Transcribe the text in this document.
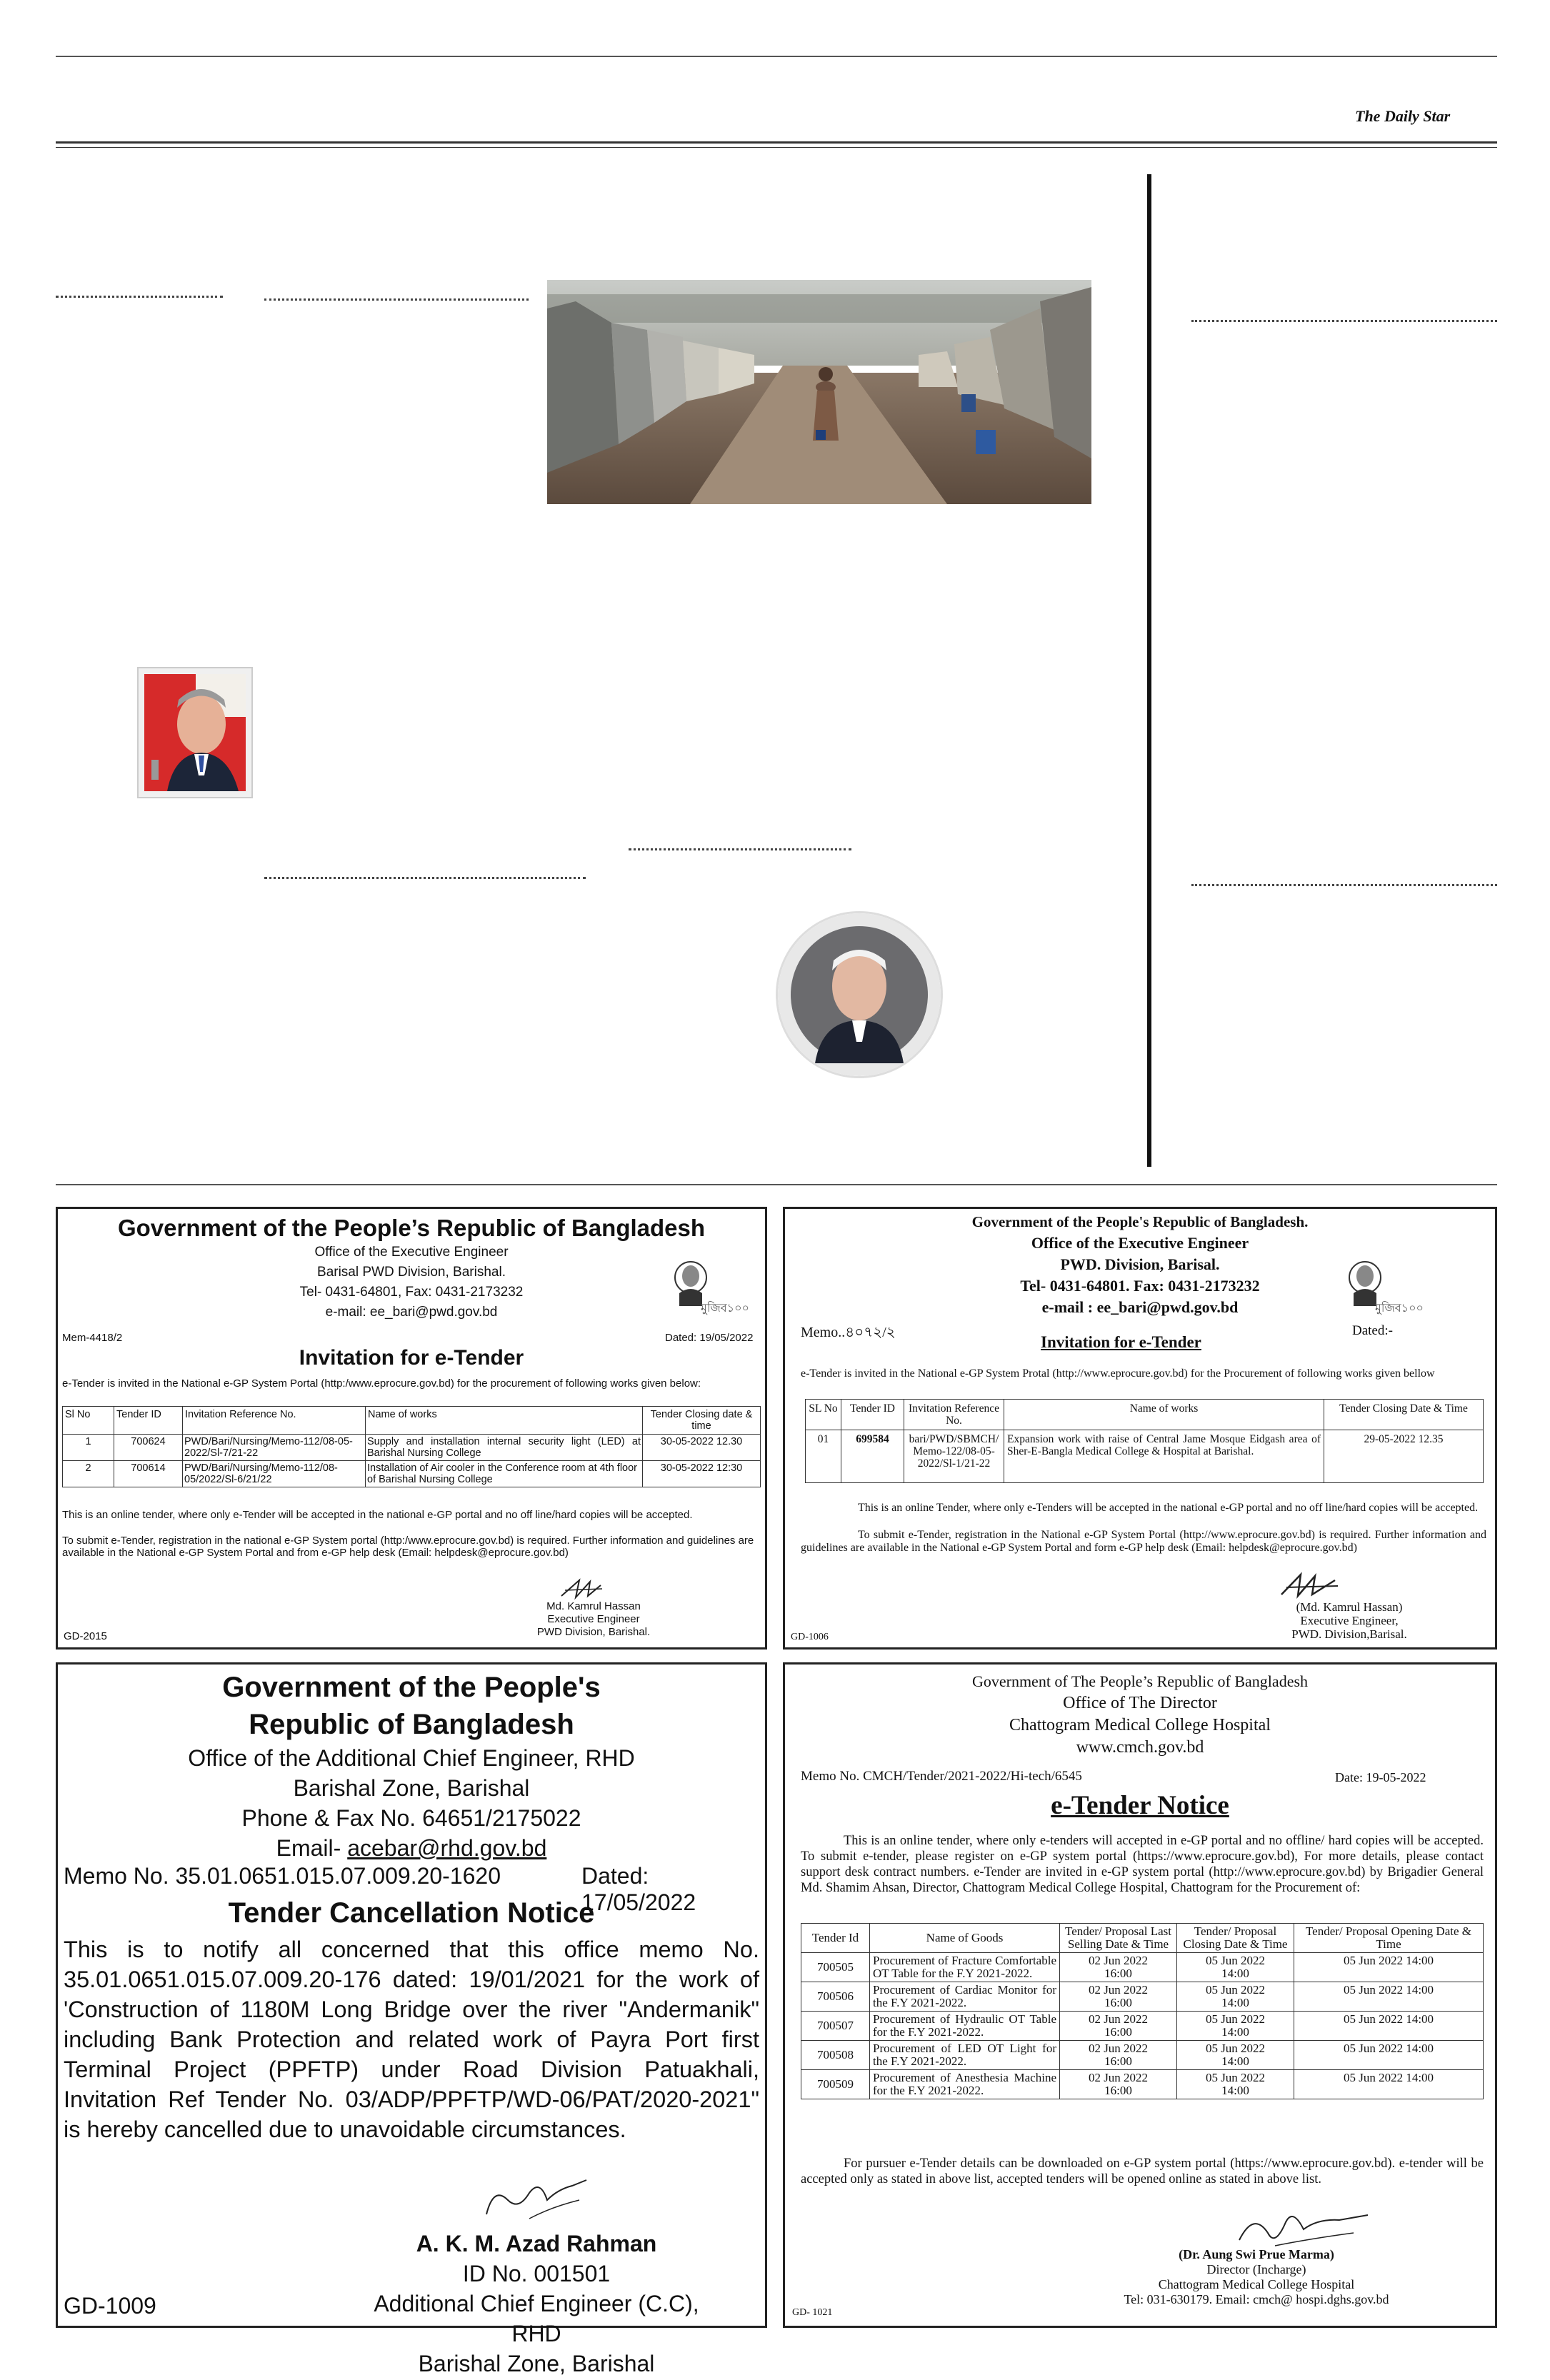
The Daily Star
Government of the People’s Republic of Bangladesh
Office of the Executive Engineer
Barisal PWD Division, Barishal.
Tel- 0431-64801, Fax: 0431-2173232
e-mail: ee_bari@pwd.gov.bd	মুজিব১০০
Mem-4418/2	Dated: 19/05/2022
Invitation for e-Tender
e-Tender is invited in the National e-GP System Portal (http:/www.eprocure.gov.bd) for the procurement of following works given below:
Sl No	Tender ID	Invitation Reference No.	Name of works	Tender Closing date & time
1	700624	PWD/Bari/Nursing/Memo-112/08-05-2022/Sl-7/21-22	Supply and installation internal security light (LED) at Barishal Nursing College	30-05-2022 12.30
2	700614	PWD/Bari/Nursing/Memo-112/08-05/2022/Sl-6/21/22	Installation of Air cooler in the Conference room at 4th floor of Barishal Nursing College	30-05-2022 12:30
This is an online tender, where only e-Tender will be accepted in the national e-GP portal and no off line/hard copies will be accepted.
To submit e-Tender, registration in the national e-GP System portal (http:/www.eprocure.gov.bd) is required. Further information and guidelines are available in the National e-GP System Portal and from e-GP help desk (Email: helpdesk@eprocure.gov.bd)
Md. Kamrul Hassan
Executive Engineer
PWD Division, Barishal.
GD-2015
Government of the People's Republic of Bangladesh.
Office of the Executive Engineer
PWD. Division, Barisal.
Tel- 0431-64801. Fax: 0431-2173232
e-mail : ee_bari@pwd.gov.bd	মুজিব১০০
Memo..৪০৭২/২	Dated:-
Invitation for e-Tender
e-Tender is invited in the National e-GP System Protal (http://www.eprocure.gov.bd) for the Procurement of following works given bellow
SL No	Tender ID	Invitation Reference No.	Name of works	Tender Closing Date & Time
01	699584	bari/PWD/SBMCH/ Memo-122/08-05-2022/Sl-1/21-22	Expansion work with raise of Central Jame Mosque Eidgash area of Sher-E-Bangla Medical College & Hospital at Barishal.	29-05-2022 12.35
This is an online Tender, where only e-Tenders will be accepted in the national e-GP portal and no off line/hard copies will be accepted.
To submit e-Tender, registration in the National e-GP System Portal (http://www.eprocure.gov.bd) is required. Further information and guidelines are available in the National e-GP System Portal and form e-GP help desk (Email: helpdesk@eprocure.gov.bd)
(Md. Kamrul Hassan)
Executive Engineer,
PWD. Division,Barisal.
GD-1006
Government of the People's
Republic of Bangladesh
Office of the Additional Chief Engineer, RHD
Barishal Zone, Barishal
Phone & Fax No. 64651/2175022
Email- acebar@rhd.gov.bd
Memo No. 35.01.0651.015.07.009.20-1620	Dated: 17/05/2022
Tender Cancellation Notice
This is to notify all concerned that this office memo No. 35.01.0651.015.07.009.20-176 dated: 19/01/2021 for the work of 'Construction of 1180M Long Bridge over the river "Andermanik" including Bank Protection and related work of Payra Port first Terminal Project (PPFTP) under Road Division Patuakhali, Invitation Ref Tender No. 03/ADP/PPFTP/WD-06/PAT/2020-2021" is hereby cancelled due to unavoidable circumstances.
A. K. M. Azad Rahman
ID No. 001501
Additional Chief Engineer (C.C), RHD
Barishal Zone, Barishal
GD-1009
Government of The People’s Republic of Bangladesh
Office of The Director
Chattogram Medical College Hospital
www.cmch.gov.bd
Memo No. CMCH/Tender/2021-2022/Hi-tech/6545	Date: 19-05-2022
e-Tender Notice
This is an online tender, where only e-tenders will accepted in e-GP portal and no offline/ hard copies will be accepted. To submit e-tender, please register on e-GP system portal (https://www.eprocure.gov.bd), For more details, please contact support desk contract numbers. e-Tender are invited in e-GP system portal (http://www.eprocure.gov.bd) by Brigadier General Md. Shamim Ahsan, Director, Chattogram Medical College Hospital, Chattogram for the Procurement of:
Tender Id	Name of Goods	Tender/ Proposal Last Selling Date & Time	Tender/ Proposal Closing Date & Time	Tender/ Proposal Opening Date & Time
700505	Procurement of Fracture Comfortable OT Table for the F.Y 2021-2022.	02 Jun 2022 16:00	05 Jun 2022 14:00	05 Jun 2022 14:00
700506	Procurement of Cardiac Monitor for the F.Y 2021-2022.	02 Jun 2022 16:00	05 Jun 2022 14:00	05 Jun 2022 14:00
700507	Procurement of Hydraulic OT Table for the F.Y 2021-2022.	02 Jun 2022 16:00	05 Jun 2022 14:00	05 Jun 2022 14:00
700508	Procurement of LED OT Light for the F.Y 2021-2022.	02 Jun 2022 16:00	05 Jun 2022 14:00	05 Jun 2022 14:00
700509	Procurement of Anesthesia Machine for the F.Y 2021-2022.	02 Jun 2022 16:00	05 Jun 2022 14:00	05 Jun 2022 14:00
For pursuer e-Tender details can be downloaded on e-GP system portal (https://www.eprocure.gov.bd). e-tender will be accepted only as stated in above list, accepted tenders will be opened online as stated in above list.
(Dr. Aung Swi Prue Marma)
Director (Incharge)
Chattogram Medical College Hospital
Tel: 031-630179. Email: cmch@ hospi.dghs.gov.bd
GD- 1021
